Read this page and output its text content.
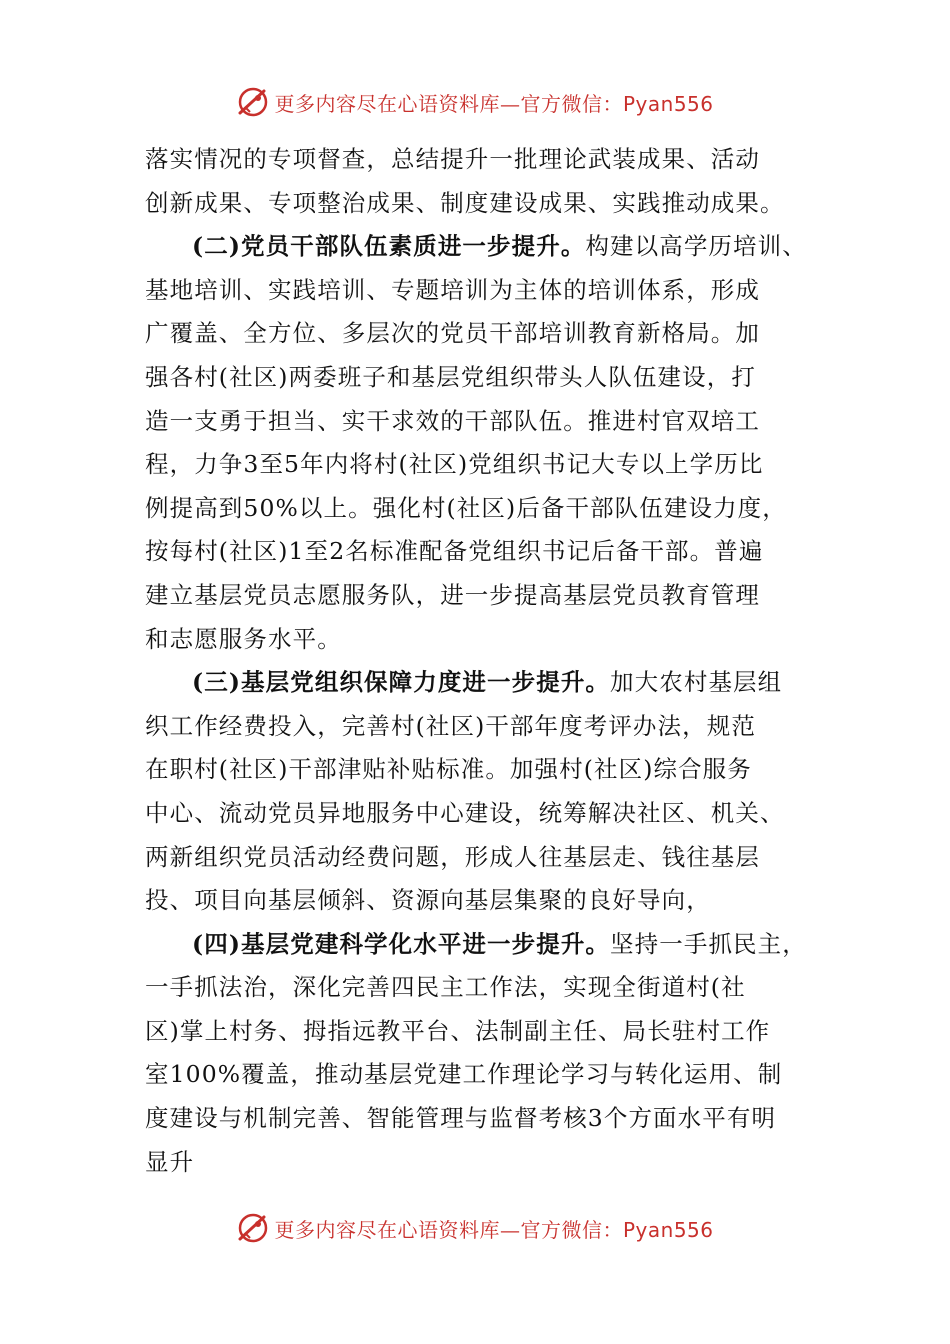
更多内容尽在心语资料库—官方微信：Pyan556
落实情况的专项督查，总结提升一批理论武装成果、活动
创新成果、专项整治成果、制度建设成果、实践推动成果。
(二)党员干部队伍素质进一步提升。构建以高学历培训、
基地培训、实践培训、专题培训为主体的培训体系，形成
广覆盖、全方位、多层次的党员干部培训教育新格局。加
强各村(社区)两委班子和基层党组织带头人队伍建设，打
造一支勇于担当、实干求效的干部队伍。推进村官双培工
程，力争3至5年内将村(社区)党组织书记大专以上学历比
例提高到50%以上。强化村(社区)后备干部队伍建设力度，
按每村(社区)1至2名标准配备党组织书记后备干部。普遍
建立基层党员志愿服务队，进一步提高基层党员教育管理
和志愿服务水平。
(三)基层党组织保障力度进一步提升。加大农村基层组
织工作经费投入，完善村(社区)干部年度考评办法，规范
在职村(社区)干部津贴补贴标准。加强村(社区)综合服务
中心、流动党员异地服务中心建设，统筹解决社区、机关、
两新组织党员活动经费问题，形成人往基层走、钱往基层
投、项目向基层倾斜、资源向基层集聚的良好导向，
(四)基层党建科学化水平进一步提升。坚持一手抓民主，
一手抓法治，深化完善四民主工作法，实现全街道村(社
区)掌上村务、拇指远教平台、法制副主任、局长驻村工作
室100%覆盖，推动基层党建工作理论学习与转化运用、制
度建设与机制完善、智能管理与监督考核3个方面水平有明
显升
更多内容尽在心语资料库—官方微信：Pyan556
